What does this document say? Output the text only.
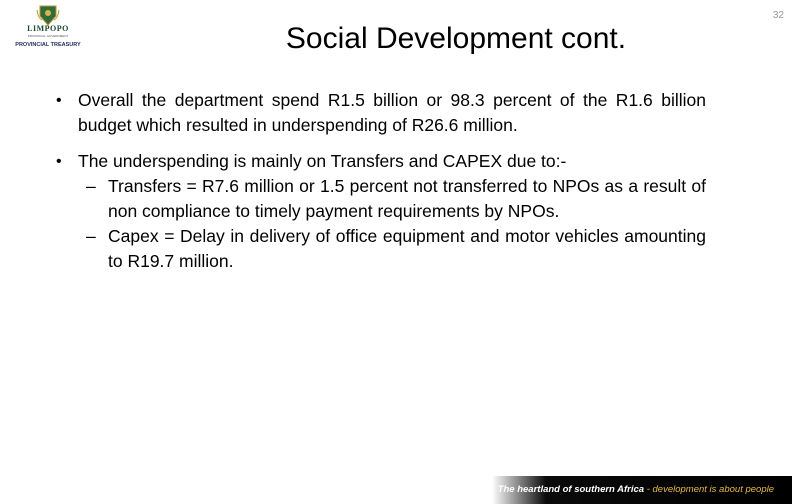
LIMPOPO
PROVINCIAL GOVERNMENT
PROVINCIAL TREASURY
32
Social Development cont.
• Overall the department spend R1.5 billion or 98.3 percent of the R1.6 billion budget which resulted in underspending of R26.6 million.
• The underspending is mainly on Transfers and CAPEX due to:-
– Transfers = R7.6 million or 1.5 percent not transferred to NPOs as a result of non compliance to timely payment requirements by NPOs.
– Capex = Delay in delivery of office equipment and motor vehicles amounting to R19.7 million.
The heartland of southern Africa - development is about people
